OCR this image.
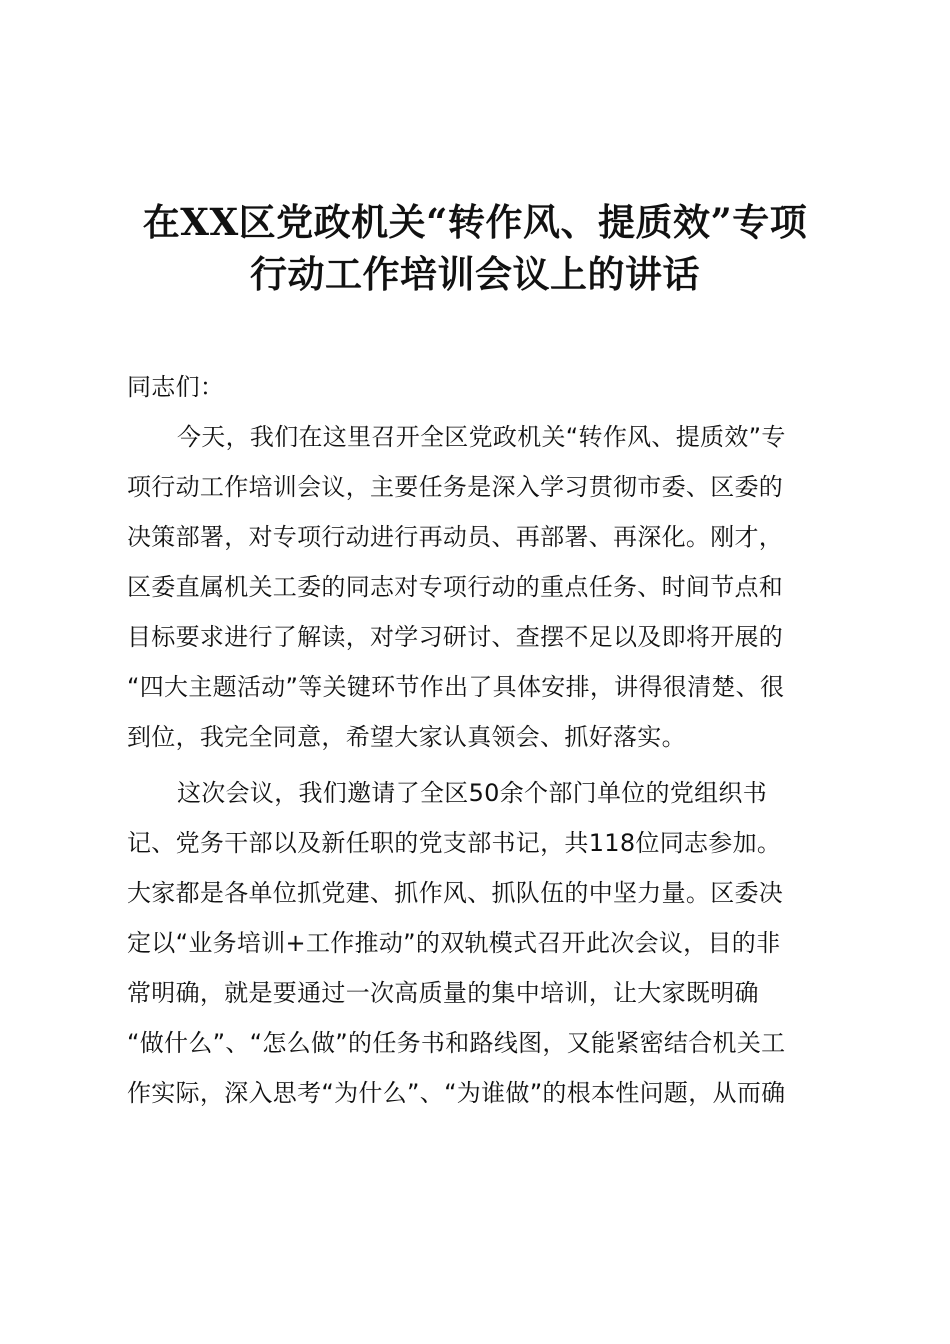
在XX区党政机关“转作风、提质效”专项
行动工作培训会议上的讲话
同志们：
今天，我们在这里召开全区党政机关“转作风、提质效”专
项行动工作培训会议，主要任务是深入学习贯彻市委、区委的
决策部署，对专项行动进行再动员、再部署、再深化。刚才，
区委直属机关工委的同志对专项行动的重点任务、时间节点和
目标要求进行了解读，对学习研讨、查摆不足以及即将开展的
“四大主题活动”等关键环节作出了具体安排，讲得很清楚、很
到位，我完全同意，希望大家认真领会、抓好落实。
这次会议，我们邀请了全区50余个部门单位的党组织书
记、党务干部以及新任职的党支部书记，共118位同志参加。
大家都是各单位抓党建、抓作风、抓队伍的中坚力量。区委决
定以“业务培训+工作推动”的双轨模式召开此次会议，目的非
常明确，就是要通过一次高质量的集中培训，让大家既明确
“做什么”、“怎么做”的任务书和路线图，又能紧密结合机关工
作实际，深入思考“为什么”、“为谁做”的根本性问题，从而确
